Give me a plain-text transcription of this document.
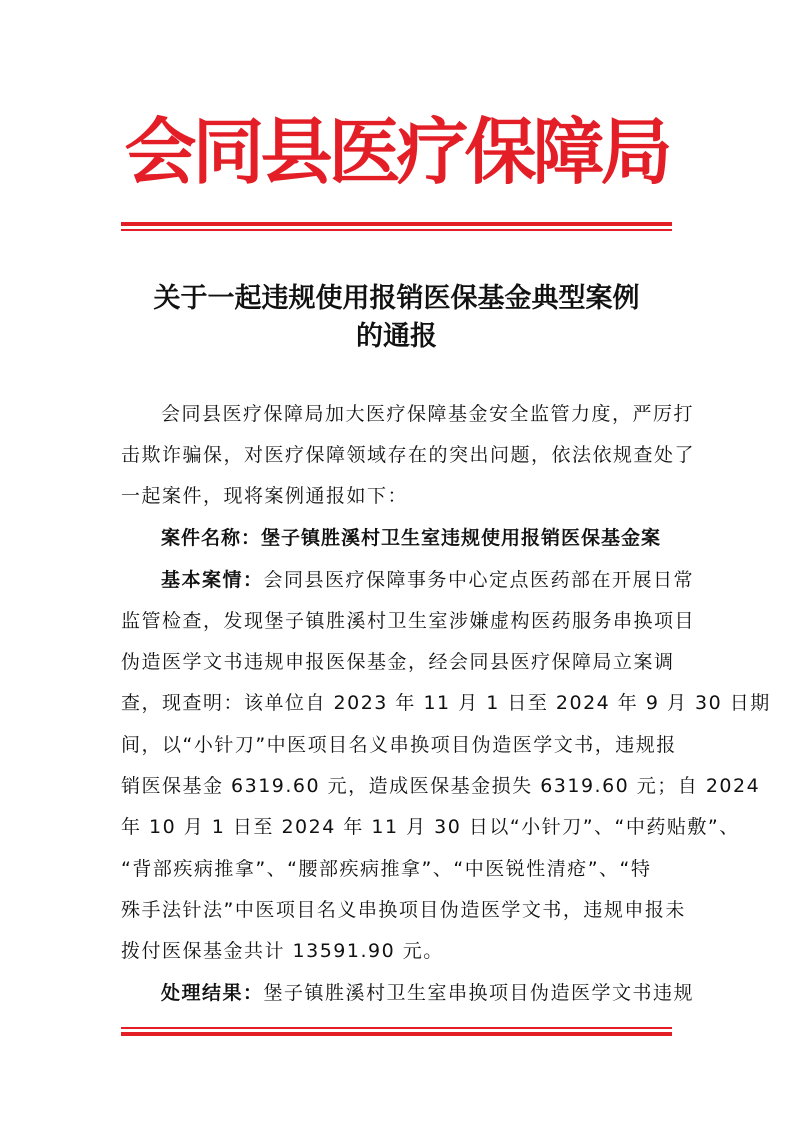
会同县医疗保障局
关于一起违规使用报销医保基金典型案例
的通报
会同县医疗保障局加大医疗保障基金安全监管力度，严厉打
击欺诈骗保，对医疗保障领域存在的突出问题，依法依规查处了
一起案件，现将案例通报如下：
案件名称：堡子镇胜溪村卫生室违规使用报销医保基金案
基本案情：会同县医疗保障事务中心定点医药部在开展日常
监管检查，发现堡子镇胜溪村卫生室涉嫌虚构医药服务串换项目
伪造医学文书违规申报医保基金，经会同县医疗保障局立案调
查，现查明：该单位自 2023 年 11 月 1 日至 2024 年 9 月 30 日期
间，以“小针刀”中医项目名义串换项目伪造医学文书，违规报
销医保基金 6319.60 元，造成医保基金损失 6319.60 元；自 2024
年 10 月 1 日至 2024 年 11 月 30 日以“小针刀”、“中药贴敷”、
“背部疾病推拿”、“腰部疾病推拿”、“中医锐性清疮”、“特
殊手法针法”中医项目名义串换项目伪造医学文书，违规申报未
拨付医保基金共计 13591.90 元。
处理结果：堡子镇胜溪村卫生室串换项目伪造医学文书违规
